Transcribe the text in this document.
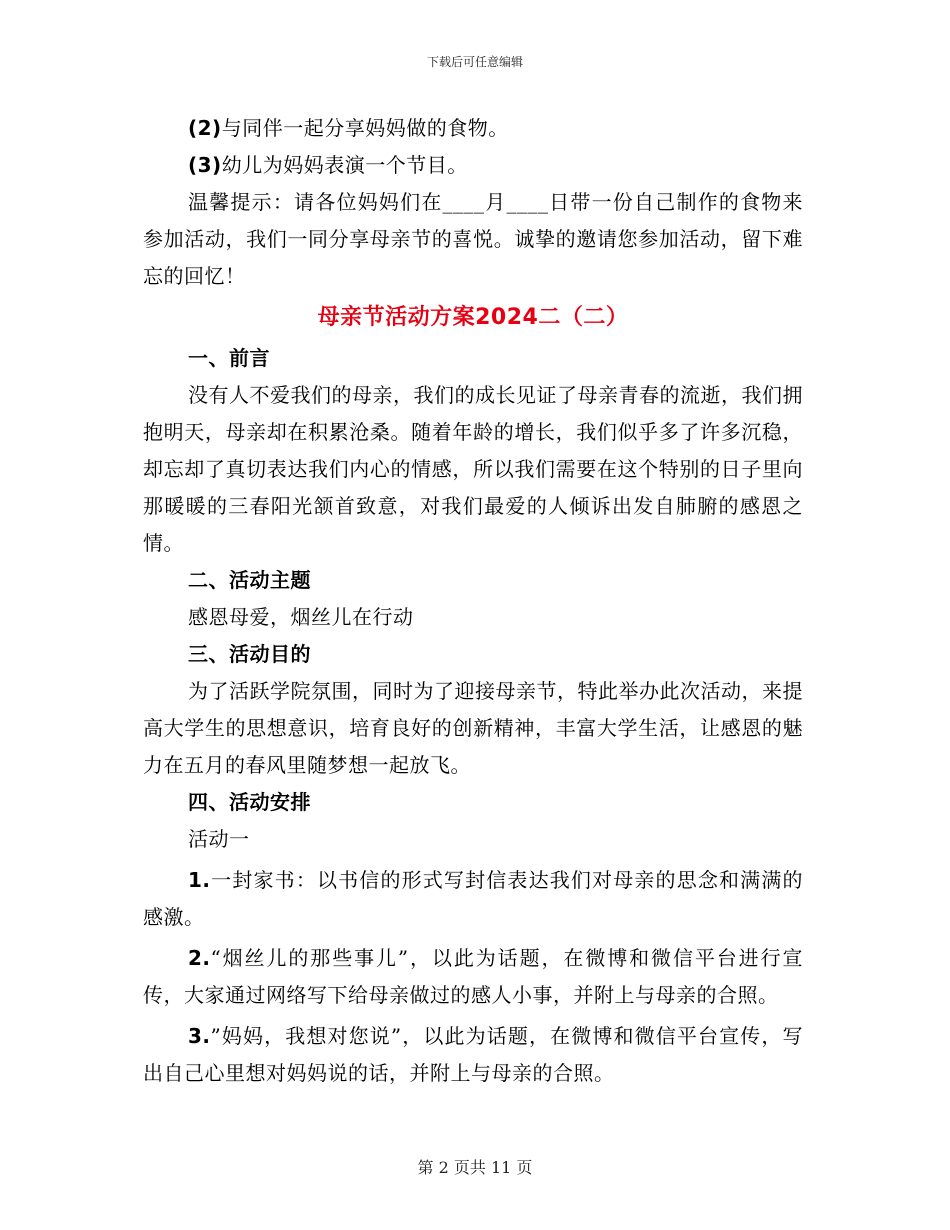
下载后可任意编辑

(2)与同伴一起分享妈妈做的食物。

(3)幼儿为妈妈表演一个节目。

温馨提示：请各位妈妈们在____月____日带一份自己制作的食物来参加活动，我们一同分享母亲节的喜悦。诚挚的邀请您参加活动，留下难忘的回忆！

母亲节活动方案2024二（二）

一、前言

没有人不爱我们的母亲，我们的成长见证了母亲青春的流逝，我们拥抱明天，母亲却在积累沧桑。随着年龄的增长，我们似乎多了许多沉稳，却忘却了真切表达我们内心的情感，所以我们需要在这个特别的日子里向那暖暖的三春阳光颔首致意，对我们最爱的人倾诉出发自肺腑的感恩之情。

二、活动主题

感恩母爱，烟丝儿在行动

三、活动目的

为了活跃学院氛围，同时为了迎接母亲节，特此举办此次活动，来提高大学生的思想意识，培育良好的创新精神，丰富大学生活，让感恩的魅力在五月的春风里随梦想一起放飞。

四、活动安排

活动一

1.一封家书：以书信的形式写封信表达我们对母亲的思念和满满的感激。

2.“烟丝儿的那些事儿”，以此为话题，在微博和微信平台进行宣传，大家通过网络写下给母亲做过的感人小事，并附上与母亲的合照。

3.”妈妈，我想对您说”，以此为话题，在微博和微信平台宣传，写出自己心里想对妈妈说的话，并附上与母亲的合照。

第 2 页共 11 页
